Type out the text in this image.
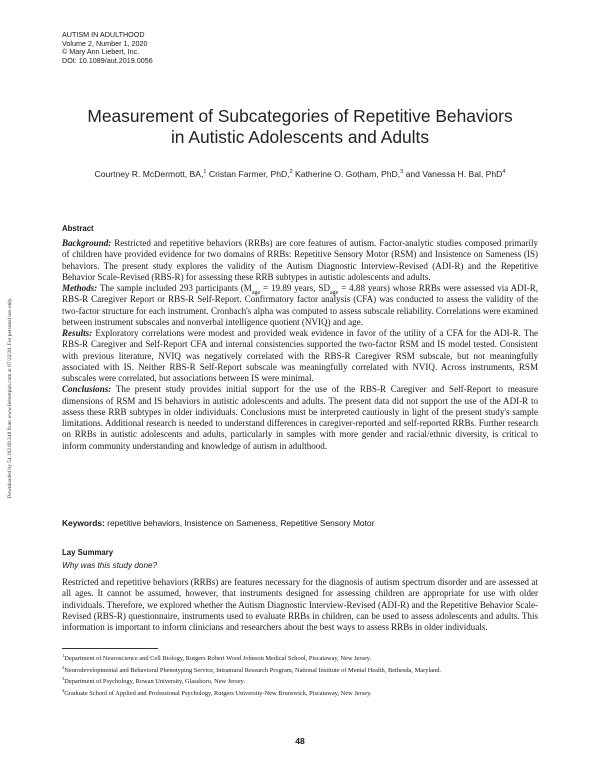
AUTISM IN ADULTHOOD
Volume 2, Number 1, 2020
© Mary Ann Liebert, Inc.
DOI: 10.1089/aut.2019.0056
Downloaded by 54.162.69.248 from www.liebertpub.com at 07/22/20. For personal use only.
Measurement of Subcategories of Repetitive Behaviors
in Autistic Adolescents and Adults
Courtney R. McDermott, BA,$^1$ Cristan Farmer, PhD,$^2$ Katherine O. Gotham, PhD,$^3$ and Vanessa H. Bal, PhD$^4$
Abstract

Background: Restricted and repetitive behaviors (RRBs) are core features of autism. Factor-analytic studies composed primarily of children have provided evidence for two domains of RRBs: Repetitive Sensory Motor (RSM) and Insistence on Sameness (IS) behaviors. The present study explores the validity of the Autism Diagnostic Interview-Revised (ADI-R) and the Repetitive Behavior Scale-Revised (RBS-R) for assessing these RRB subtypes in autistic adolescents and adults.

Methods: The sample included 293 participants ($M_{age} = 19.89$ years, $SD_{age} = 4.88$ years) whose RRBs were assessed via ADI-R, RBS-R Caregiver Report or RBS-R Self-Report. Confirmatory factor analysis (CFA) was conducted to assess the validity of the two-factor structure for each instrument. Cronbach's alpha was computed to assess subscale reliability. Correlations were examined between instrument subscales and nonverbal intelligence quotient (NVIQ) and age.

Results: Exploratory correlations were modest and provided weak evidence in favor of the utility of a CFA for the ADI-R. The RBS-R Caregiver and Self-Report CFA and internal consistencies supported the two-factor RSM and IS model tested. Consistent with previous literature, NVIQ was negatively correlated with the RBS-R Caregiver RSM subscale, but not meaningfully associated with IS. Neither RBS-R Self-Report subscale was meaningfully correlated with NVIQ. Across instruments, RSM subscales were correlated, but associations between IS were minimal.

Conclusions: The present study provides initial support for the use of the RBS-R Caregiver and Self-Report to measure dimensions of RSM and IS behaviors in autistic adolescents and adults. The present data did not support the use of the ADI-R to assess these RRB subtypes in older individuals. Conclusions must be interpreted cautiously in light of the present study's sample limitations. Additional research is needed to understand differences in caregiver-reported and self-reported RRBs. Further research on RRBs in autistic adolescents and adults, particularly in samples with more gender and racial/ethnic diversity, is critical to inform community understanding and knowledge of autism in adulthood.

Keywords: repetitive behaviors, Insistence on Sameness, Repetitive Sensory Motor
Lay Summary
Why was this study done?

Restricted and repetitive behaviors (RRBs) are features necessary for the diagnosis of autism spectrum disorder and are assessed at all ages. It cannot be assumed, however, that instruments designed for assessing children are appropriate for use with older individuals. Therefore, we explored whether the Autism Diagnostic Interview-Revised (ADI-R) and the Repetitive Behavior Scale-Revised (RBS-R) questionnaire, instruments used to evaluate RRBs in children, can be used to assess adolescents and adults. This information is important to inform clinicians and researchers about the best ways to assess RRBs in older individuals.

$^1$Department of Neuroscience and Cell Biology, Rutgers Robert Wood Johnson Medical School, Piscataway, New Jersey.

$^2$Neurodevelopmental and Behavioral Phenotyping Service, Intramural Research Program, National Institute of Mental Health, Bethesda, Maryland.

$^3$Department of Psychology, Rowan University, Glassboro, New Jersey.

$^4$Graduate School of Applied and Professional Psychology, Rutgers University-New Brunswick, Piscataway, New Jersey.

48
